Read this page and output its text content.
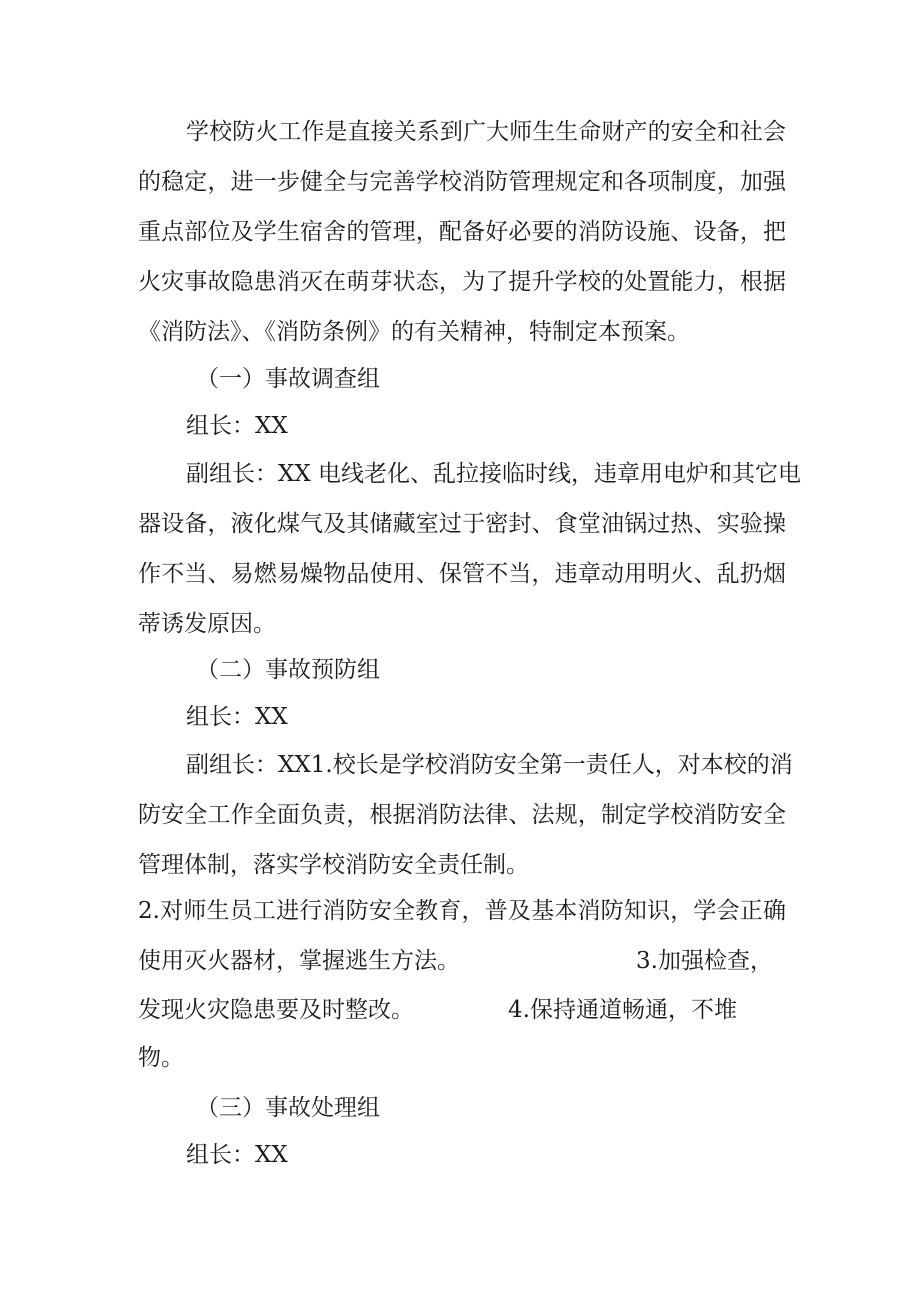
学校防火工作是直接关系到广大师生生命财产的安全和社会
的稳定，进一步健全与完善学校消防管理规定和各项制度，加强
重点部位及学生宿舍的管理，配备好必要的消防设施、设备，把
火灾事故隐患消灭在萌芽状态，为了提升学校的处置能力，根据
《消防法》、《消防条例》的有关精神，特制定本预案。
（一）事故调查组
组长：XX
副组长：XX 电线老化、乱拉接临时线，违章用电炉和其它电
器设备，液化煤气及其储藏室过于密封、食堂油锅过热、实验操
作不当、易燃易燥物品使用、保管不当，违章动用明火、乱扔烟
蒂诱发原因。
（二）事故预防组
组长：XX
副组长：XX1.校长是学校消防安全第一责任人，对本校的消
防安全工作全面负责，根据消防法律、法规，制定学校消防安全
管理体制，落实学校消防安全责任制。
2.对师生员工进行消防安全教育，普及基本消防知识，学会正确
使用灭火器材，掌握逃生方法。	3.加强检查，
发现火灾隐患要及时整改。	4.保持通道畅通，不堆
物。
（三）事故处理组
组长：XX
